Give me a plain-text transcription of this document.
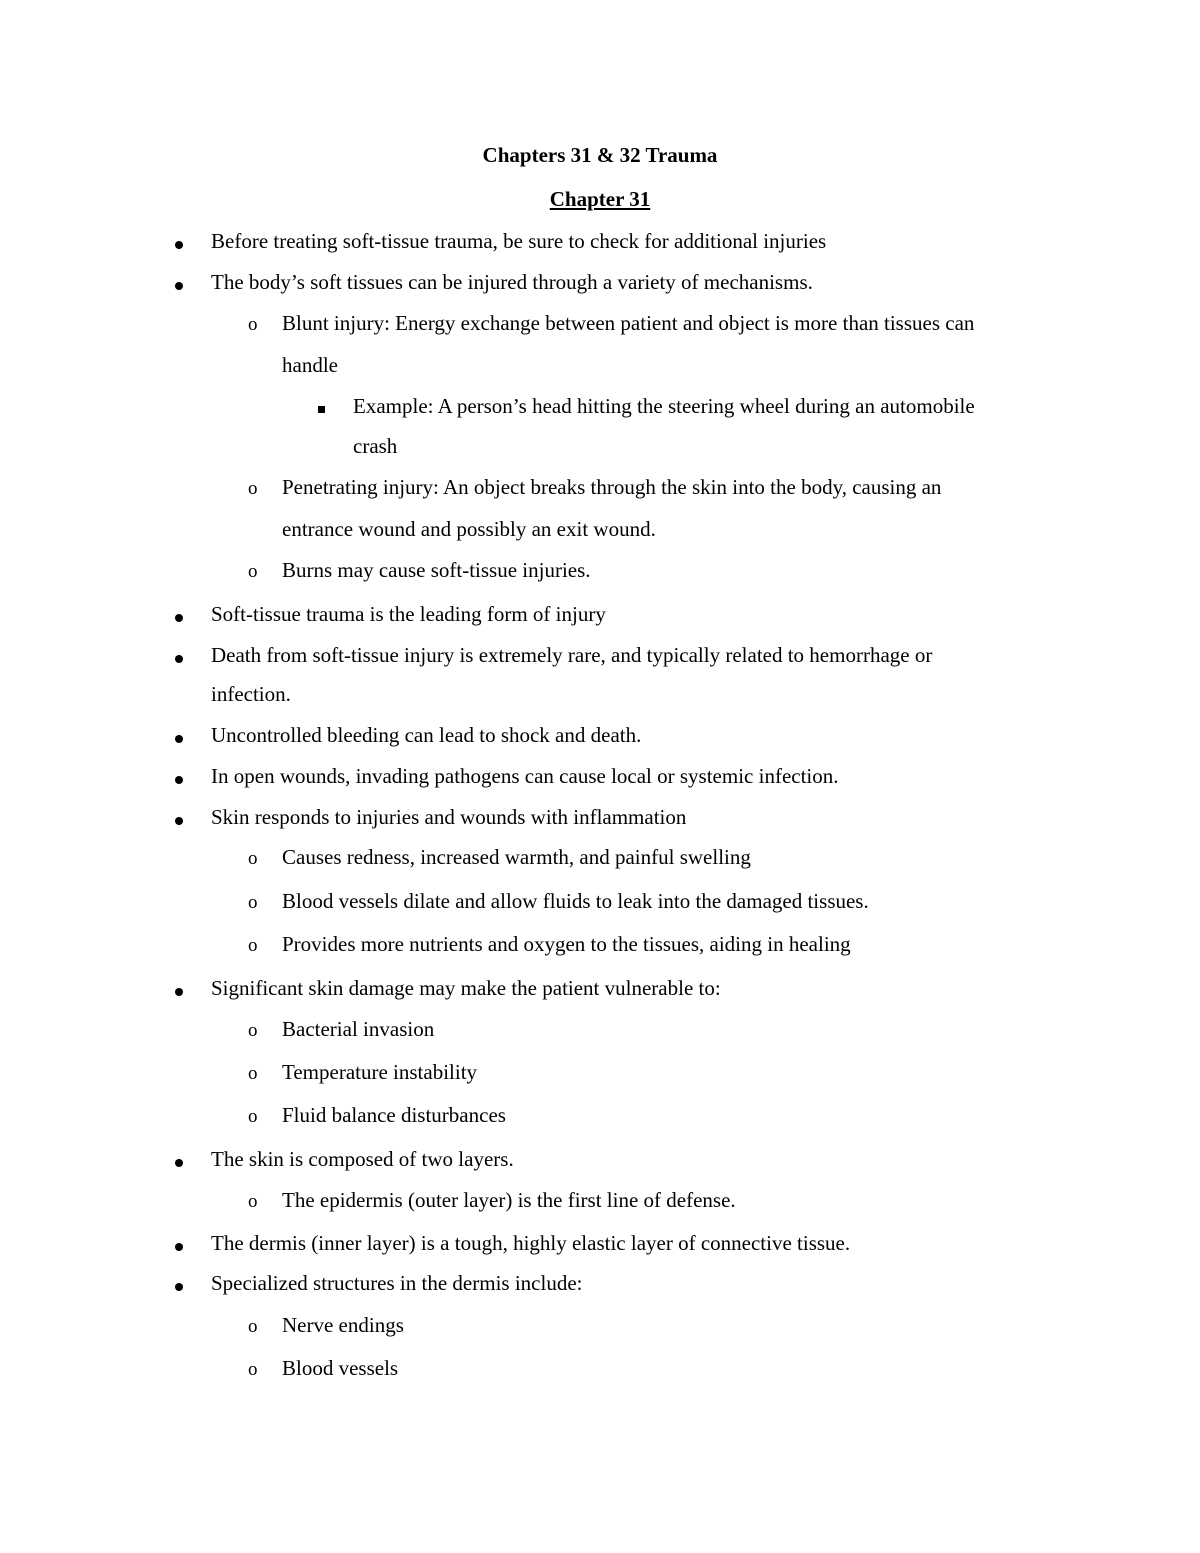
Chapters 31 & 32 Trauma
Chapter 31
Before treating soft-tissue trauma, be sure to check for additional injuries
The body’s soft tissues can be injured through a variety of mechanisms.
o Blunt injury: Energy exchange between patient and object is more than tissues can
handle
Example: A person’s head hitting the steering wheel during an automobile
crash
o Penetrating injury: An object breaks through the skin into the body, causing an
entrance wound and possibly an exit wound.
o Burns may cause soft-tissue injuries.
Soft-tissue trauma is the leading form of injury
Death from soft-tissue injury is extremely rare, and typically related to hemorrhage or
infection.
Uncontrolled bleeding can lead to shock and death.
In open wounds, invading pathogens can cause local or systemic infection.
Skin responds to injuries and wounds with inflammation
o Causes redness, increased warmth, and painful swelling
o Blood vessels dilate and allow fluids to leak into the damaged tissues.
o Provides more nutrients and oxygen to the tissues, aiding in healing
Significant skin damage may make the patient vulnerable to:
o Bacterial invasion
o Temperature instability
o Fluid balance disturbances
The skin is composed of two layers.
o The epidermis (outer layer) is the first line of defense.
The dermis (inner layer) is a tough, highly elastic layer of connective tissue.
Specialized structures in the dermis include:
o Nerve endings
o Blood vessels
